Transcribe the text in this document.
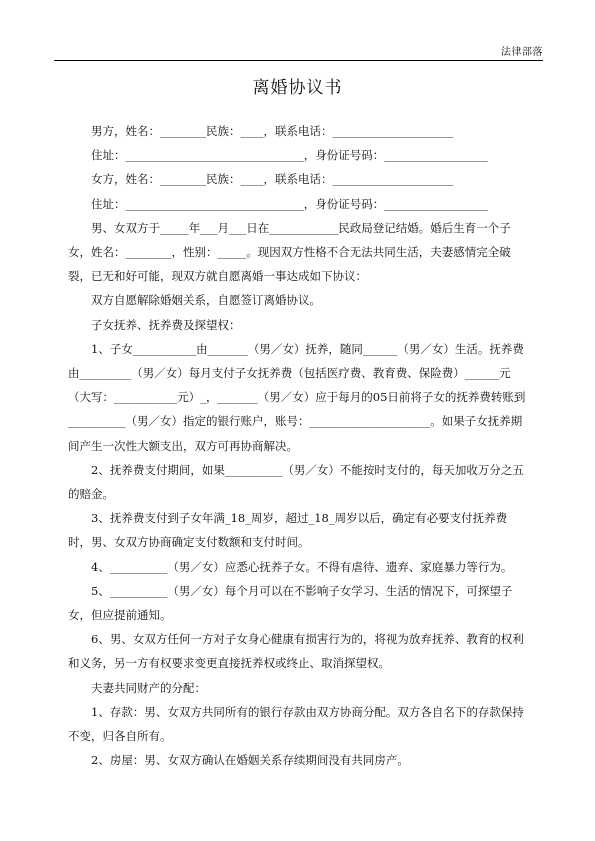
法律部落
离婚协议书

男方，姓名：________民族：____，联系电话：_____________________

住址：_______________________________，身份证号码：__________________

女方，姓名：________民族：____，联系电话：_____________________

住址：_______________________________，身份证号码：__________________

男、女双方于_____年___月___日在____________民政局登记结婚。婚后生育一个子女，姓名：________，性别：_____。现因双方性格不合无法共同生活，夫妻感情完全破裂，已无和好可能，现双方就自愿离婚一事达成如下协议：

双方自愿解除婚姻关系，自愿签订离婚协议。

子女抚养、抚养费及探望权：

1、子女___________由_______（男／女）抚养，随同______（男／女）生活。抚养费由_________（男／女）每月支付子女抚养费（包括医疗费、教育费、保险费）______元（大写：___________元）_，_______（男／女）应于每月的05日前将子女的抚养费转账到__________（男／女）指定的银行账户，账号：_____________________。如果子女抚养期间产生一次性大额支出，双方可再协商解决。

2、抚养费支付期间，如果__________（男／女）不能按时支付的，每天加收万分之五的赔金。

3、抚养费支付到子女年满_18_周岁，超过_18_周岁以后，确定有必要支付抚养费时，男、女双方协商确定支付数额和支付时间。

4、__________（男／女）应悉心抚养子女。不得有虐待、遗弃、家庭暴力等行为。

5、__________（男／女）每个月可以在不影响子女学习、生活的情况下，可探望子女，但应提前通知。

6、男、女双方任何一方对子女身心健康有损害行为的，将视为放弃抚养、教育的权利和义务，另一方有权要求变更直接抚养权或终止、取消探望权。

夫妻共同财产的分配：

1、存款：男、女双方共同所有的银行存款由双方协商分配。双方各自名下的存款保持不变，归各自所有。

2、房屋：男、女双方确认在婚姻关系存续期间没有共同房产。
